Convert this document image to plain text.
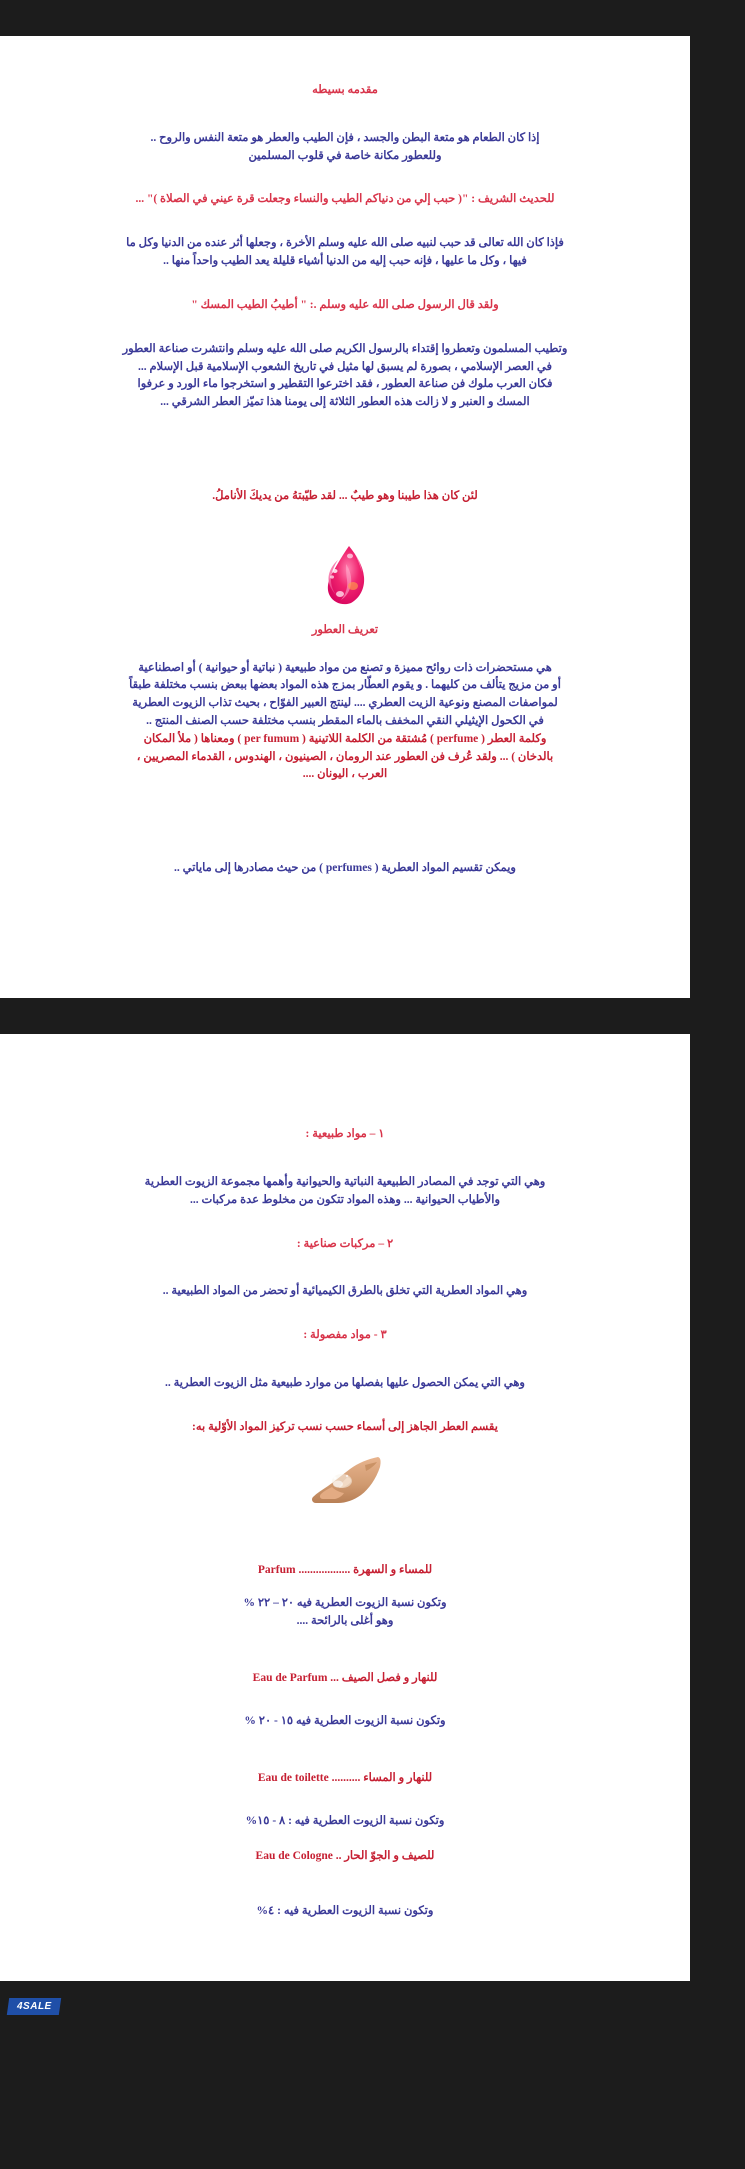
مقدمه بسيطه
إذا كان الطعام هو متعة البطن والجسد ، فإن الطيب والعطر هو متعة النفس والروح ..
وللعطور مكانة خاصة في قلوب المسلمين
للحديث الشريف : "( حبب إلي من دنياكم الطيب والنساء وجعلت قرة عيني في الصلاة )" ...
فإذا كان الله تعالى قد حبب لنبيه صلى الله عليه وسلم الأخرة ، وجعلها أثر عنده من الدنيا وكل ما
فيها ، وكل ما عليها ، فإنه حبب إليه من الدنيا أشياء قليلة يعد الطيب واحداً منها ..
ولقد قال الرسول صلى الله عليه وسلم .: " أطيبُ الطيب المسك "
وتطيب المسلمون وتعطروا إقتداء بالرسول الكريم صلى الله عليه وسلم وانتشرت صناعة العطور
في العصر الإسلامي ، بصورة لم يسبق لها مثيل في تاريخ الشعوب الإسلامية قبل الإسلام ...
فكان العرب ملوك فن صناعة العطور ، فقد اخترعوا التقطير و استخرجوا ماء الورد و عرفوا
المسك و العنبر و لا زالت هذه العطور الثلاثة إلى يومنا هذا تميّز العطر الشرقي ...
لئن كان هذا طيبنا وهو طيبٌ ... لقد طيّبتهُ من يديكَ الأناملُ.
تعريف العطور
هي مستحضرات ذات روائح مميزة و تصنع من مواد طبيعية ( نباتية أو حيوانية ) أو اصطناعية
أو من مزيج يتألف من كليهما . و يقوم العطّار بمزج هذه المواد بعضها ببعض بنسب مختلفة طبقاً
لمواصفات المصنع ونوعية الزيت العطري .... لينتج العبير الفوّاح ، بحيث تذاب الزيوت العطرية
في الكحول الإيثيلي النقي المخفف بالماء المقطر بنسب مختلفة حسب الصنف المنتج ..
وكلمة العطر ( perfume ) مُشتقة من الكلمة اللاتينية ( per fumum ) ومعناها ( ملأ المكان
بالدخان ) ... ولقد عُرف فن العطور عند الرومان ، الصينيون ، الهندوس ، القدماء المصريين ،
العرب ، اليونان ....
ويمكن تقسيم المواد العطرية ( perfumes ) من حيث مصادرها إلى ماياتي ..
١ – مواد طبيعية :
وهي التي توجد في المصادر الطبيعية النباتية والحيوانية وأهمها مجموعة الزيوت العطرية
والأطياب الحيوانية ... وهذه المواد تتكون من مخلوط عدة مركبات ...
٢ – مركبات صناعية :
وهي المواد العطرية التي تخلق بالطرق الكيميائية أو تحضر من المواد الطبيعية ..
٣ - مواد مفصولة :
وهي التي يمكن الحصول عليها بفصلها من موارد طبيعية مثل الزيوت العطرية ..
يقسم العطر الجاهز إلى أسماء حسب نسب تركيز المواد الأوّلية به:
للمساء و السهرة .................. Parfum
وتكون نسبة الزيوت العطرية فيه ٢٠ – ٢٢ %
وهو أغلى بالرائحة ....
للنهار و فصل الصيف ... Eau de Parfum
وتكون نسبة الزيوت العطرية فيه ١٥ - ٢٠ %
للنهار و المساء .......... Eau de toilette
وتكون نسبة الزيوت العطرية فيه : ٨ - ١٥%
للصيف و الجوّ الحار .. Eau de Cologne
وتكون نسبة الزيوت العطرية فيه : ٤%
4SALE
